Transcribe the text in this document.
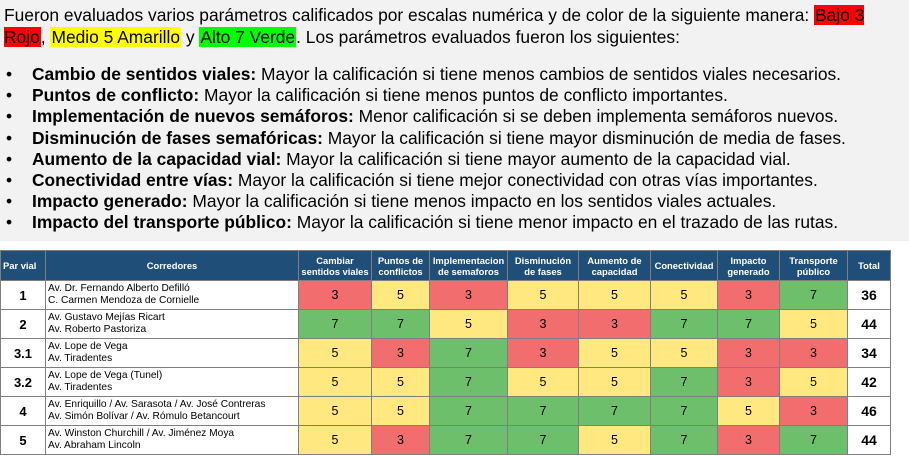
Fueron evaluados varios parámetros calificados por escalas numérica y de color de la siguiente manera: Bajo 3 Rojo, Medio 5 Amarillo y Alto 7 Verde. Los parámetros evaluados fueron los siguientes:
• Cambio de sentidos viales: Mayor la calificación si tiene menos cambios de sentidos viales necesarios.
• Puntos de conflicto: Mayor la calificación si tiene menos puntos de conflicto importantes.
• Implementación de nuevos semáforos: Menor calificación si se deben implementa semáforos nuevos.
• Disminución de fases semafóricas: Mayor la calificación si tiene mayor disminución de media de fases.
• Aumento de la capacidad vial: Mayor la calificación si tiene mayor aumento de la capacidad vial.
• Conectividad entre vías: Mayor la calificación si tiene mejor conectividad con otras vías importantes.
• Impacto generado: Mayor la calificación si tiene menos impacto en los sentidos viales actuales.
• Impacto del transporte público: Mayor la calificación si tiene menor impacto en el trazado de las rutas.
Par vial	Corredores	Cambiar sentidos viales	Puntos de conflictos	Implementacion de semaforos	Disminución de fases	Aumento de capacidad	Conectividad	Impacto generado	Transporte público	Total
1	Av. Dr. Fernando Alberto Defilló
C. Carmen Mendoza de Cornielle	3	5	3	5	5	5	3	7	36
2	Av. Gustavo Mejías Ricart
Av. Roberto Pastoriza	7	7	5	3	3	7	7	5	44
3.1	Av. Lope de Vega
Av. Tiradentes	5	3	7	3	5	5	3	3	34
3.2	Av. Lope de Vega (Tunel)
Av. Tiradentes	5	5	7	5	5	7	3	5	42
4	Av. Enriquillo / Av. Sarasota / Av. José Contreras
Av. Simón Bolívar / Av. Rómulo Betancourt	5	5	7	7	7	7	5	3	46
5	Av. Winston Churchill / Av. Jiménez Moya
Av. Abraham Lincoln	5	3	7	7	5	7	3	7	44
